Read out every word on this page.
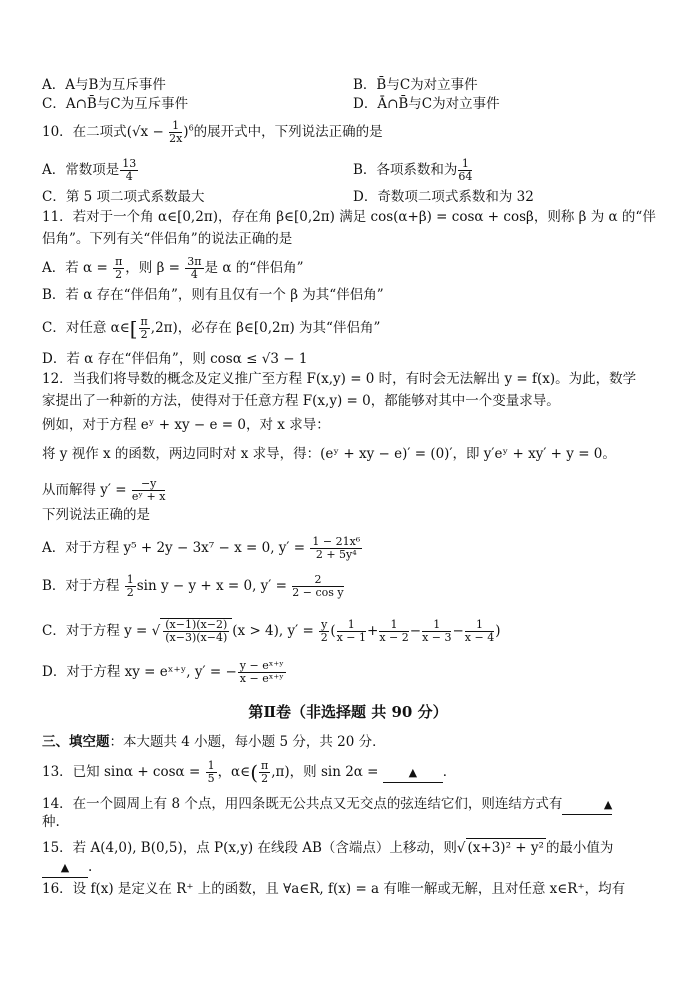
A．A与B为互斥事件	B．B̄与C为对立事件
C．A∩B̄与C为互斥事件	D．Ā∩B̄与C为对立事件
10．在二项式$(√x - \frac{1}{2x} )^6$的展开式中，下列说法正确的是
A．常数项是 $\frac{13}{4}$	B．各项系数和为 $\frac{1}{64}$
C．第 5 项二项式系数最大	D．奇数项二项式系数和为 32
11．若对于一个角 α∈[0,2π)，存在角 β∈[0,2π) 满足 cos(α+β) = cosα + cosβ，则称 β 为 α 的“伴
侣角”。下列有关“伴侣角”的说法正确的是
A．若 $\alpha = \frac{\pi}{2}$ ，则 $\beta = \frac{3\pi}{4}$ 是 α 的“伴侣角”
B．若 α 存在“伴侣角”，则有且仅有一个 β 为其“伴侣角”
C．对任意 α∈[ $\frac{\pi}{2} ,2\pi$)，必存在 β∈[0,2π) 为其“伴侣角”
D．若 α 存在“伴侣角”，则 cosα ≤ √3 − 1
12．当我们将导数的概念及定义推广至方程 F(x,y) = 0 时，有时会无法解出 y = f(x)。为此，数学
家提出了一种新的方法，使得对于任意方程 F(x,y) = 0，都能够对其中一个变量求导。
例如，对于方程 eʸ + xy − e = 0，对 x 求导：
将 y 视作 x 的函数，两边同时对 x 求导，得：(eʸ + xy − e)′ = (0)′，即 y′eʸ + xy′ + y = 0。
从而解得 $y' = \frac{-y}{\text{eʸ + x}}$
下列说法正确的是
A．对于方程 y⁵ + 2y − 3x⁷ − x = 0, $y' = \frac{\text{1 − 21x⁶}}{\text{2 + 5y⁴}}$
B．对于方程 $\frac{1}{2}$ sin y − y + x = 0, $y' = \frac{2}{\text{2 − cos y}}$
C．对于方程 y = √ $\frac{(x-1)(x-2)}{(x-3)(x-4)} (x > 4)$, $y' = \frac{y}{2}$ ( $\frac{1}{x - 1} + \frac{1}{x - 2} - \frac{1}{x - 3} - \frac{1}{x - 4}$ )
D．对于方程 xy = eˣ⁺ʸ, y′ = − $\frac{\text{y − eˣ⁺ʸ}}{\text{x − eˣ⁺ʸ}}$
第Ⅱ卷（非选择题 共 90 分）
三、填空题：本大题共 4 小题，每小题 5 分，共 20 分．
13．已知 $\sin\alpha + \cos\alpha = \frac{1}{5}$ ，α∈( $\frac{\pi}{2} ,\pi$)，则 sin 2α = ▲ ．
14．在一个圆周上有 8 个点，用四条既无公共点又无交点的弦连结它们，则连结方式有	▲
种.
15．若 A(4,0), B(0,5)，点 P(x,y) 在线段 AB（含端点）上移动，则√ (x+3)² + y² 的最小值为
▲ .
16．设 f(x) 是定义在 R⁺ 上的函数，且 ∀a∈R, f(x) = a 有唯一解或无解，且对任意 x∈R⁺，均有
